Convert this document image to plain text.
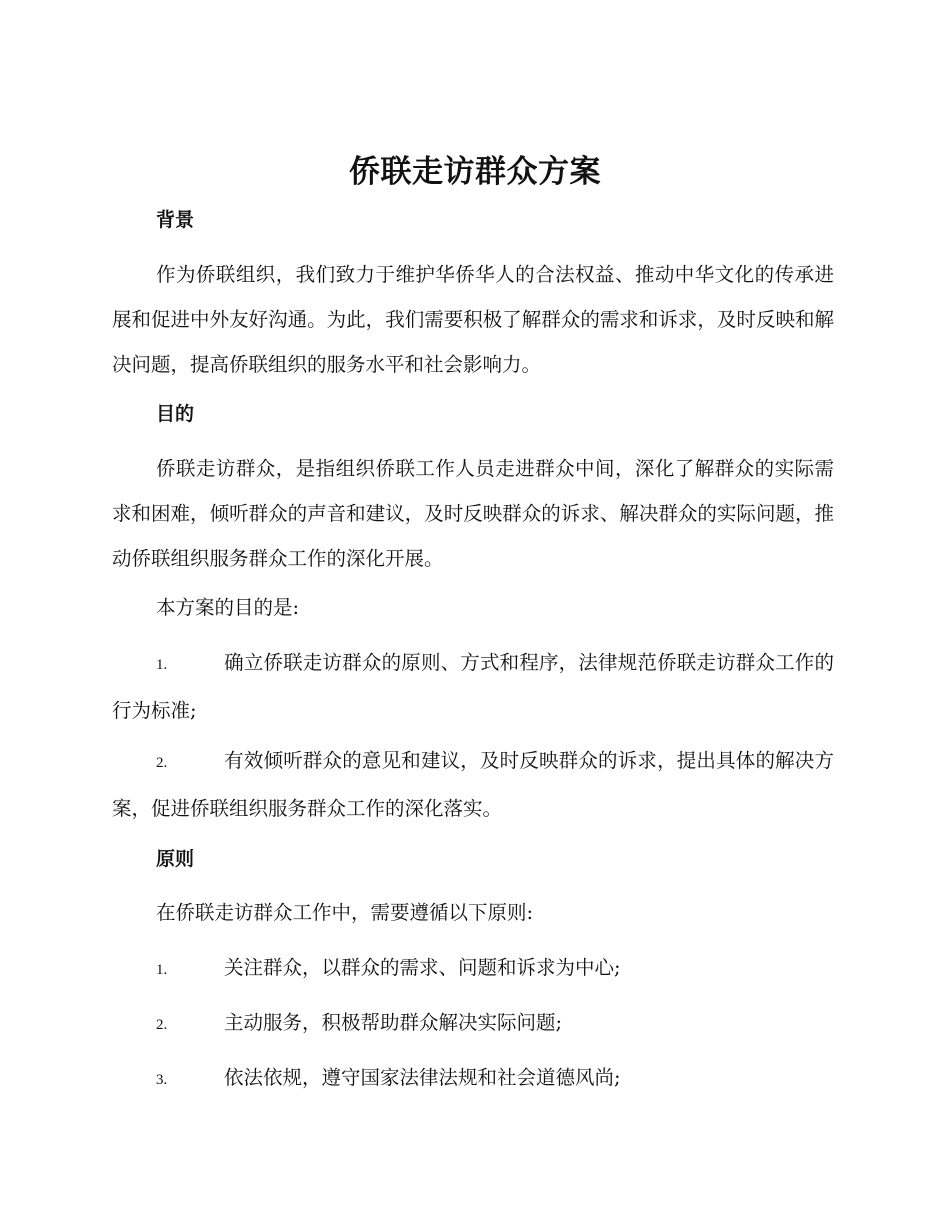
侨联走访群众方案
背景

作为侨联组织，我们致力于维护华侨华人的合法权益、推动中华文化的传承进展和促进中外友好沟通。为此，我们需要积极了解群众的需求和诉求，及时反映和解决问题，提高侨联组织的服务水平和社会影响力。

目的

侨联走访群众，是指组织侨联工作人员走进群众中间，深化了解群众的实际需求和困难，倾听群众的声音和建议，及时反映群众的诉求、解决群众的实际问题，推动侨联组织服务群众工作的深化开展。

本方案的目的是:

1.	确立侨联走访群众的原则、方式和程序，法律规范侨联走访群众工作的行为标准;
2.	有效倾听群众的意见和建议，及时反映群众的诉求，提出具体的解决方案，促进侨联组织服务群众工作的深化落实。
原则

在侨联走访群众工作中，需要遵循以下原则:

1.	关注群众，以群众的需求、问题和诉求为中心;
2.	主动服务，积极帮助群众解决实际问题;
3.	依法依规，遵守国家法律法规和社会道德风尚;
